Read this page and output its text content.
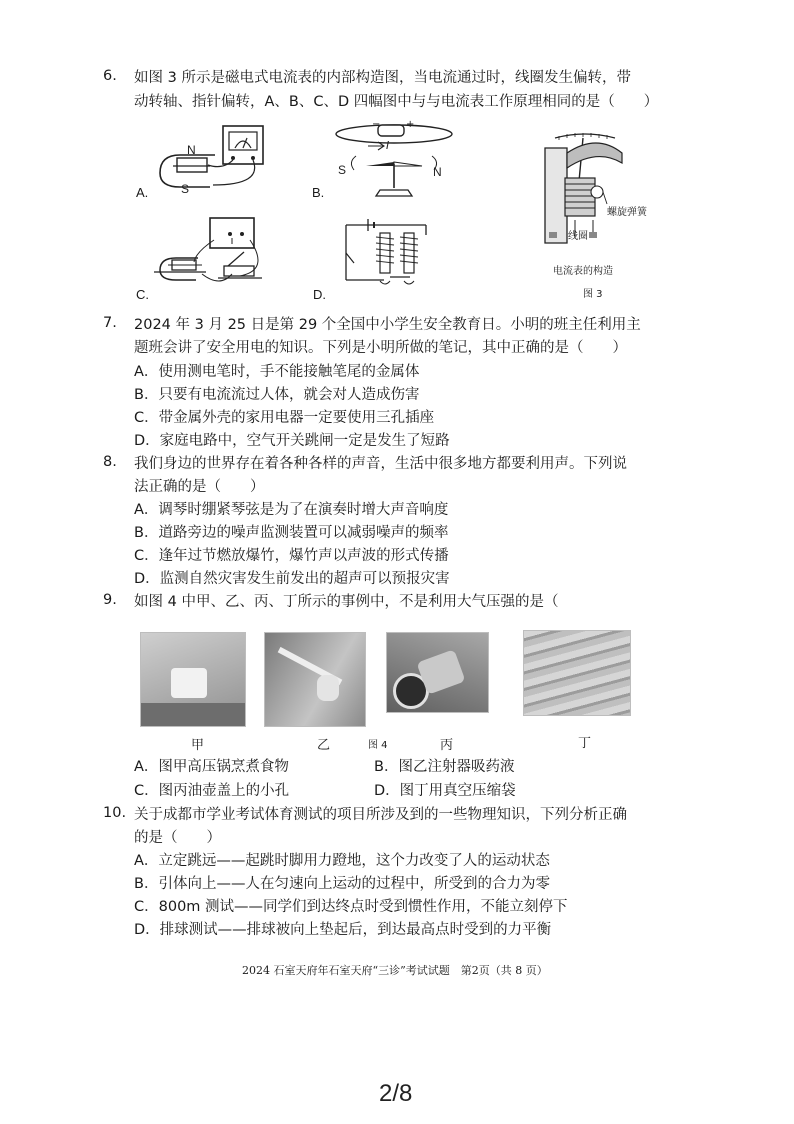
6. 如图 3 所示是磁电式电流表的内部构造图，当电流通过时，线圈发生偏转，带
动转轴、指针偏转，A、B、C、D 四幅图中与与电流表工作原理相同的是（　　）
N
S
A.
−	+
I
S	N
B.
螺旋弹簧
线圈
电流表的构造
图 3
C.	D.
7. 2024 年 3 月 25 日是第 29 个全国中小学生安全教育日。小明的班主任利用主
题班会讲了安全用电的知识。下列是小明所做的笔记，其中正确的是（　　）
A．使用测电笔时，手不能接触笔尾的金属体
B．只要有电流流过人体，就会对人造成伤害
C．带金属外壳的家用电器一定要使用三孔插座
D．家庭电路中，空气开关跳闸一定是发生了短路
8. 我们身边的世界存在着各种各样的声音，生活中很多地方都要利用声。下列说
法正确的是（　　）
A．调琴时绷紧琴弦是为了在演奏时增大声音响度
B．道路旁边的噪声监测装置可以减弱噪声的频率
C．逢年过节燃放爆竹，爆竹声以声波的形式传播
D．监测自然灾害发生前发出的超声可以预报灾害
9. 如图 4 中甲、乙、丙、丁所示的事例中，不是利用大气压强的是（
甲	乙	图 4	丙	丁
A．图甲高压锅烹煮食物	B．图乙注射器吸药液
C．图丙油壶盖上的小孔	D．图丁用真空压缩袋
10. 关于成都市学业考试体育测试的项目所涉及到的一些物理知识，下列分析正确
的是（　　）
A．立定跳远——起跳时脚用力蹬地，这个力改变了人的运动状态
B．引体向上——人在匀速向上运动的过程中，所受到的合力为零
C．800m 测试——同学们到达终点时受到惯性作用，不能立刻停下
D．排球测试——排球被向上垫起后，到达最高点时受到的力平衡
2024 石室天府年石室天府“三诊”考试试题　第2页（共 8 页）
2/8
